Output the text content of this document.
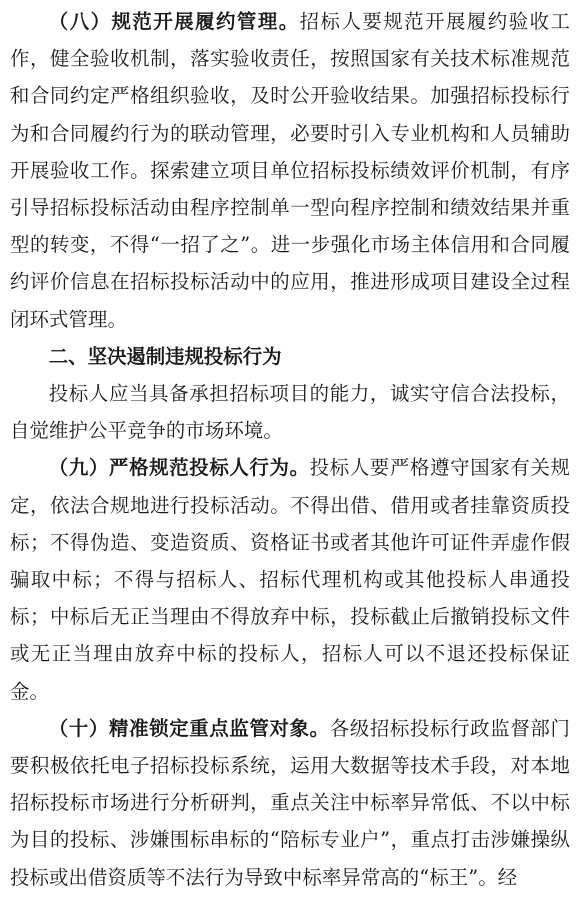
（八）规范开展履约管理。招标人要规范开展履约验收工作，健全验收机制，落实验收责任，按照国家有关技术标准规范和合同约定严格组织验收，及时公开验收结果。加强招标投标行为和合同履约行为的联动管理，必要时引入专业机构和人员辅助开展验收工作。探索建立项目单位招标投标绩效评价机制，有序引导招标投标活动由程序控制单一型向程序控制和绩效结果并重型的转变，不得“一招了之”。进一步强化市场主体信用和合同履约评价信息在招标投标活动中的应用，推进形成项目建设全过程闭环式管理。

二、坚决遏制违规投标行为

投标人应当具备承担招标项目的能力，诚实守信合法投标，自觉维护公平竞争的市场环境。

（九）严格规范投标人行为。投标人要严格遵守国家有关规定，依法合规地进行投标活动。不得出借、借用或者挂靠资质投标；不得伪造、变造资质、资格证书或者其他许可证件弄虚作假骗取中标；不得与招标人、招标代理机构或其他投标人串通投标；中标后无正当理由不得放弃中标，投标截止后撤销投标文件或无正当理由放弃中标的投标人，招标人可以不退还投标保证金。

（十）精准锁定重点监管对象。各级招标投标行政监督部门要积极依托电子招标投标系统，运用大数据等技术手段，对本地招标投标市场进行分析研判，重点关注中标率异常低、不以中标为目的投标、涉嫌围标串标的“陪标专业户”，重点打击涉嫌操纵投标或出借资质等不法行为导致中标率异常高的“标王”。经
